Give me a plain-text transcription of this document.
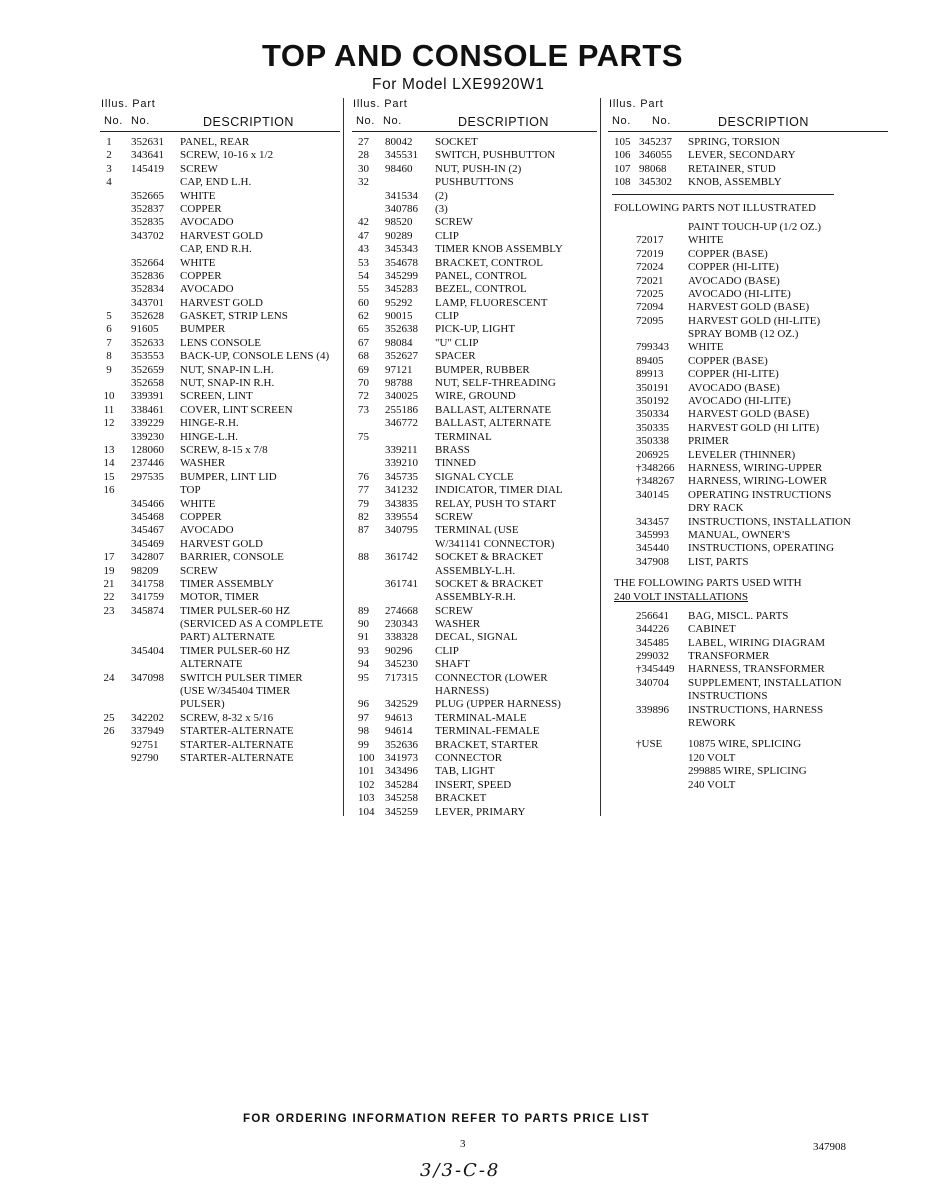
TOP AND CONSOLE PARTS
For Model LXE9920W1
Illus. Part
No. No.	DESCRIPTION
1	352631 PANEL, REAR
2	343641 SCREW, 10-16 x 1/2
3	145419 SCREW
4	CAP, END L.H.
352665 WHITE
352837 COPPER
352835 AVOCADO
343702 HARVEST GOLD
CAP, END R.H.
352664 WHITE
352836 COPPER
352834 AVOCADO
343701 HARVEST GOLD
5	352628 GASKET, STRIP LENS
6	91605 BUMPER
7	352633 LENS CONSOLE
8	353553 BACK-UP, CONSOLE LENS (4)
9	352659 NUT, SNAP-IN L.H.
352658 NUT, SNAP-IN R.H.
10 339391 SCREEN, LINT
11 338461 COVER, LINT SCREEN
12 339229 HINGE-R.H.
339230 HINGE-L.H.
13 128060 SCREW, 8-15 x 7/8
14 237446 WASHER
15 297535 BUMPER, LINT LID
16	TOP
345466 WHITE
345468 COPPER
345467 AVOCADO
345469 HARVEST GOLD
17 342807 BARRIER, CONSOLE
19 98209 SCREW
21 341758 TIMER ASSEMBLY
22 341759 MOTOR, TIMER
23 345874 TIMER PULSER-60 HZ
(SERVICED AS A COMPLETE
PART) ALTERNATE
345404 TIMER PULSER-60 HZ
ALTERNATE
24 347098 SWITCH PULSER TIMER
(USE W/345404 TIMER
PULSER)
25 342202 SCREW, 8-32 x 5/16
26 337949 STARTER-ALTERNATE
92751 STARTER-ALTERNATE
92790 STARTER-ALTERNATE
Illus. Part
No. No.	DESCRIPTION
27	80042 SOCKET
28	345531 SWITCH, PUSHBUTTON
30	98460 NUT, PUSH-IN (2)
32	PUSHBUTTONS
341534 (2)
340786 (3)
42	98520 SCREW
47	90289 CLIP
43	345343 TIMER KNOB ASSEMBLY
53	354678 BRACKET, CONTROL
54	345299 PANEL, CONTROL
55	345283 BEZEL, CONTROL
60	95292 LAMP, FLUORESCENT
62	90015 CLIP
65	352638 PICK-UP, LIGHT
67	98084 "U" CLIP
68	352627 SPACER
69	97121 BUMPER, RUBBER
70	98788 NUT, SELF-THREADING
72	340025 WIRE, GROUND
73	255186 BALLAST, ALTERNATE
346772 BALLAST, ALTERNATE
75	TERMINAL
339211 BRASS
339210 TINNED
76	345735 SIGNAL CYCLE
77	341232 INDICATOR, TIMER DIAL
79	343835 RELAY, PUSH TO START
82	339554 SCREW
87	340795 TERMINAL (USE
W/341141 CONNECTOR)
88	361742 SOCKET & BRACKET
ASSEMBLY-L.H.
361741 SOCKET & BRACKET
ASSEMBLY-R.H.
89	274668 SCREW
90	230343 WASHER
91	338328 DECAL, SIGNAL
93	90296 CLIP
94	345230 SHAFT
95	717315 CONNECTOR (LOWER
HARNESS)
96	342529 PLUG (UPPER HARNESS)
97	94613 TERMINAL-MALE
98	94614 TERMINAL-FEMALE
99	352636 BRACKET, STARTER
100 341973 CONNECTOR
101 343496 TAB, LIGHT
102 345284 INSERT, SPEED
103 345258 BRACKET
104 345259 LEVER, PRIMARY
Illus. Part
No. No.	DESCRIPTION
105 345237 SPRING, TORSION
106 346055 LEVER, SECONDARY
107 98068 RETAINER, STUD
108 345302 KNOB, ASSEMBLY
FOLLOWING PARTS NOT ILLUSTRATED
PAINT TOUCH-UP (1/2 OZ.)
72017 WHITE
72019 COPPER (BASE)
72024 COPPER (HI-LITE)
72021 AVOCADO (BASE)
72025 AVOCADO (HI-LITE)
72094 HARVEST GOLD (BASE)
72095 HARVEST GOLD (HI-LITE)
SPRAY BOMB (12 OZ.)
799343 WHITE
89405 COPPER (BASE)
89913 COPPER (HI-LITE)
350191 AVOCADO (BASE)
350192 AVOCADO (HI-LITE)
350334 HARVEST GOLD (BASE)
350335 HARVEST GOLD (HI LITE)
350338 PRIMER
206925 LEVELER (THINNER)
†348266 HARNESS, WIRING-UPPER
†348267 HARNESS, WIRING-LOWER
340145 OPERATING INSTRUCTIONS
DRY RACK
343457 INSTRUCTIONS, INSTALLATION
345993 MANUAL, OWNER'S
345440 INSTRUCTIONS, OPERATING
347908 LIST, PARTS
THE FOLLOWING PARTS USED WITH
240 VOLT INSTALLATIONS
256641 BAG, MISCL. PARTS
344226 CABINET
345485 LABEL, WIRING DIAGRAM
299032 TRANSFORMER
†345449 HARNESS, TRANSFORMER
340704 SUPPLEMENT, INSTALLATION
INSTRUCTIONS
339896 INSTRUCTIONS, HARNESS
REWORK
†USE 10875 WIRE, SPLICING
120 VOLT
299885 WIRE, SPLICING
240 VOLT
FOR ORDERING INFORMATION REFER TO PARTS PRICE LIST
3	347908
3/3-C-8
